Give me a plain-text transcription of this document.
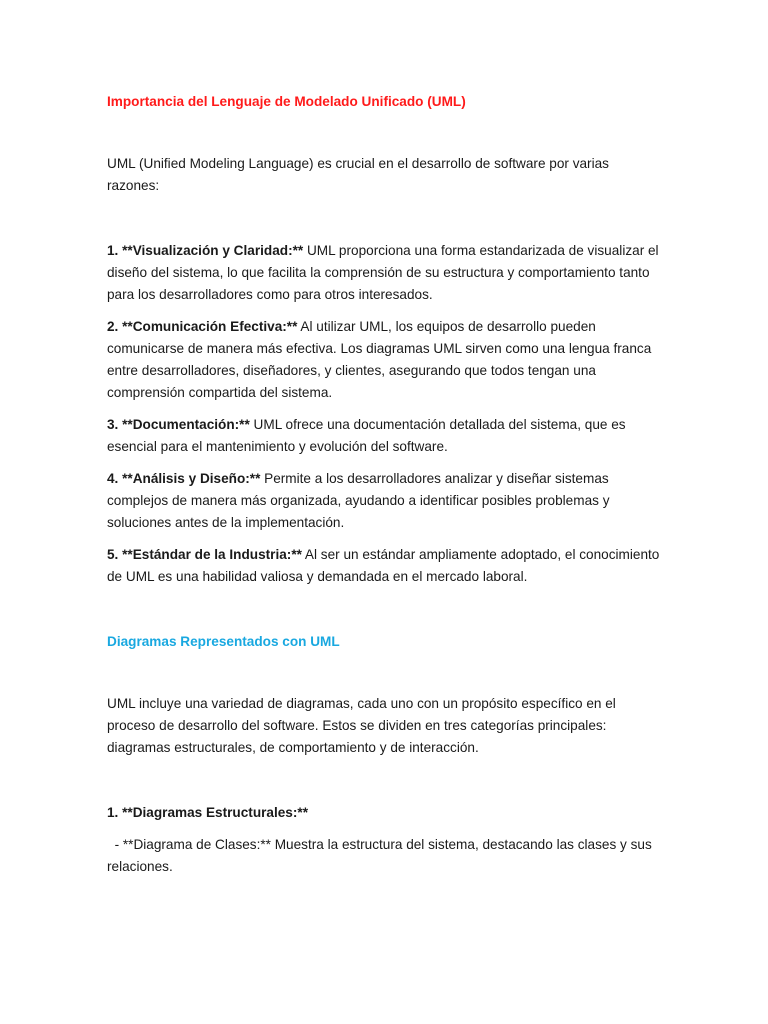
Importancia del Lenguaje de Modelado Unificado (UML)

UML (Unified Modeling Language) es crucial en el desarrollo de software por varias razones:

1. **Visualización y Claridad:** UML proporciona una forma estandarizada de visualizar el diseño del sistema, lo que facilita la comprensión de su estructura y comportamiento tanto para los desarrolladores como para otros interesados.

2. **Comunicación Efectiva:** Al utilizar UML, los equipos de desarrollo pueden comunicarse de manera más efectiva. Los diagramas UML sirven como una lengua franca entre desarrolladores, diseñadores, y clientes, asegurando que todos tengan una comprensión compartida del sistema.

3. **Documentación:** UML ofrece una documentación detallada del sistema, que es esencial para el mantenimiento y evolución del software.

4. **Análisis y Diseño:** Permite a los desarrolladores analizar y diseñar sistemas complejos de manera más organizada, ayudando a identificar posibles problemas y soluciones antes de la implementación.

5. **Estándar de la Industria:** Al ser un estándar ampliamente adoptado, el conocimiento de UML es una habilidad valiosa y demandada en el mercado laboral.

Diagramas Representados con UML

UML incluye una variedad de diagramas, cada uno con un propósito específico en el proceso de desarrollo del software. Estos se dividen en tres categorías principales: diagramas estructurales, de comportamiento y de interacción.

1. **Diagramas Estructurales:**

- **Diagrama de Clases:** Muestra la estructura del sistema, destacando las clases y sus relaciones.
